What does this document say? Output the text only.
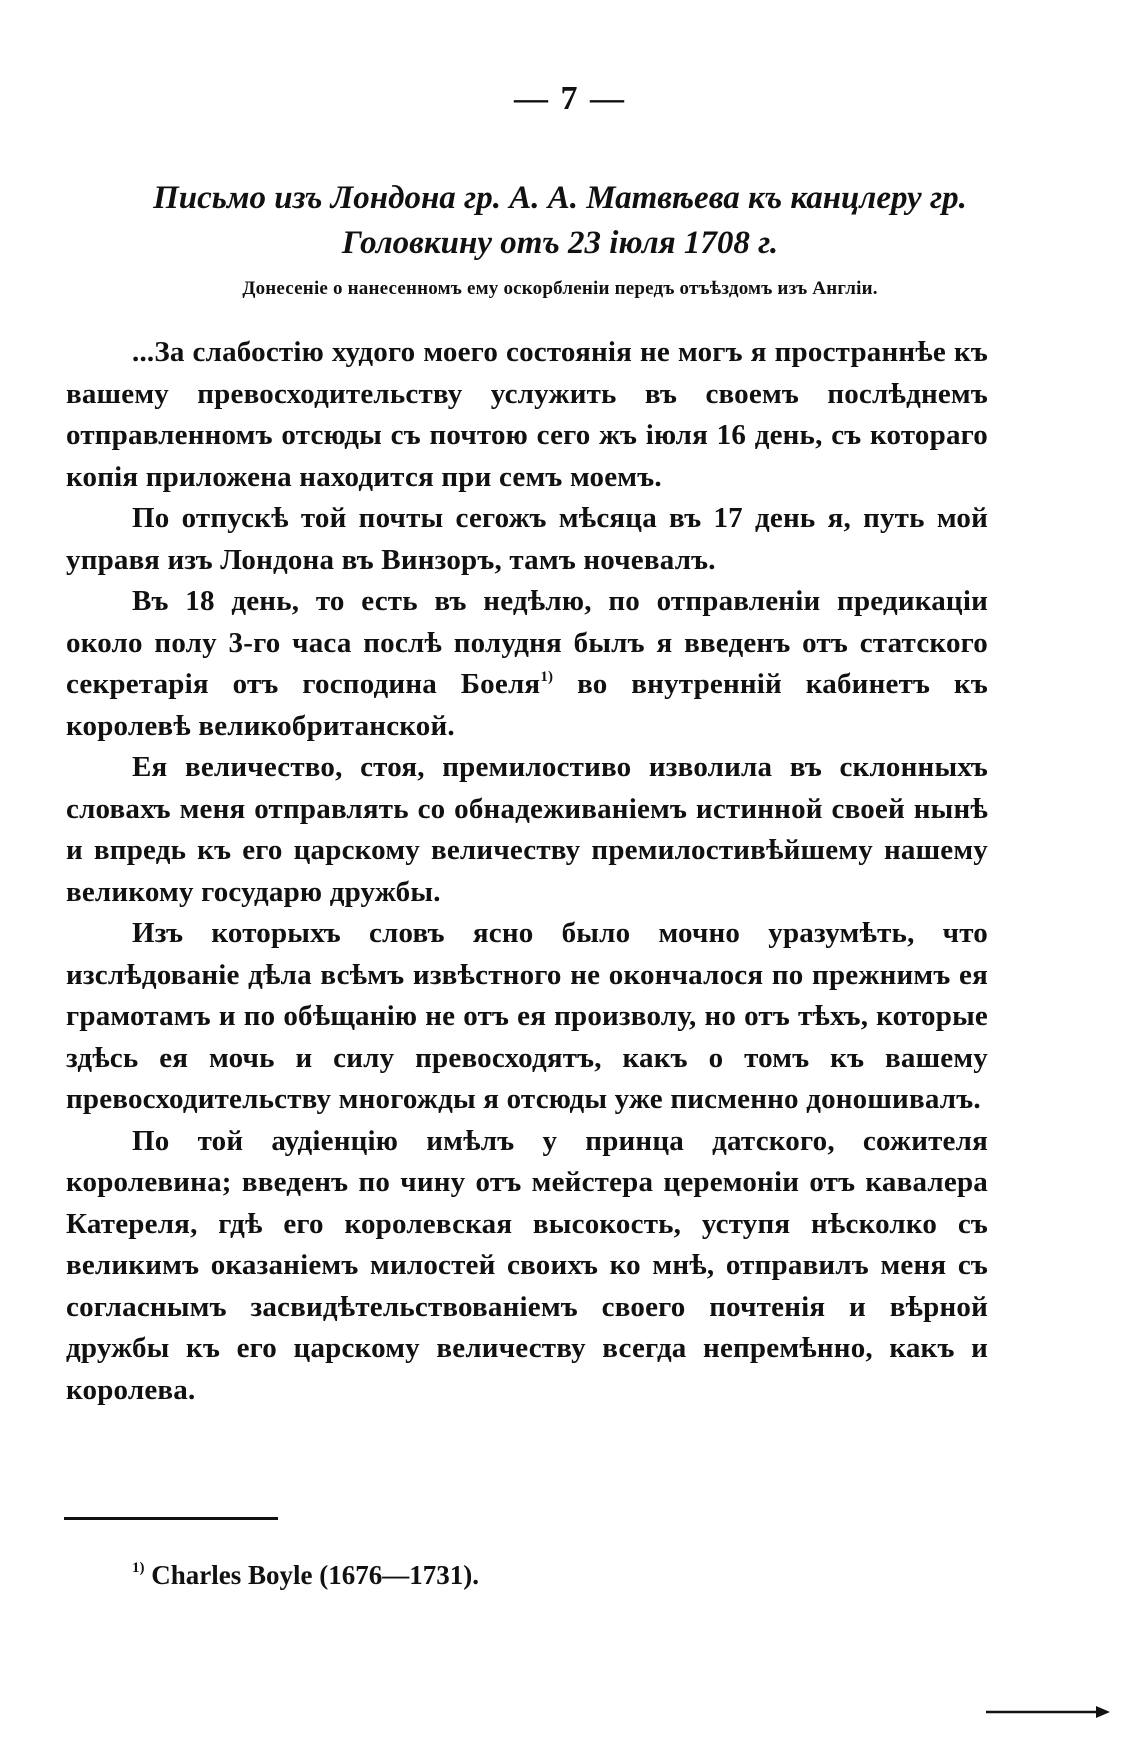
— 7 —
Письмо изъ Лондона гр. А. А. Матвѣева къ канцлеру гр. Головкину отъ 23 іюля 1708 г.
Донесеніе о нанесенномъ ему оскорбленіи передъ отъѣздомъ изъ Англіи.

...За слабостію худого моего состоянія не могъ я пространнѣе къ вашему превосходительству услужить въ своемъ послѣднемъ отправленномъ отсюды съ почтою сего жъ іюля 16 день, съ котораго копія приложена находится при семъ моемъ.

По отпускѣ той почты сегожъ мѣсяца въ 17 день я, путь мой управя изъ Лондона въ Винзоръ, тамъ ночевалъ.

Въ 18 день, то есть въ недѣлю, по отправленіи предикаціи около полу 3-го часа послѣ полудня былъ я введенъ отъ статского секретарія отъ господина Боеля$^{1)}$ во внутренній кабинетъ къ королевѣ великобританской.

Ея величество, стоя, премилостиво изволила въ склонныхъ словахъ меня отправлять со обнадеживаніемъ истинной своей нынѣ и впредь къ его царскому величеству премилостивѣйшему нашему великому государю дружбы.

Изъ которыхъ словъ ясно было мочно уразумѣть, что изслѣдованіе дѣла всѣмъ извѣстного не окончалося по прежнимъ ея грамотамъ и по обѣщанію не отъ ея произволу, но отъ тѣхъ, которые здѣсь ея мочь и силу превосходятъ, какъ о томъ къ вашему превосходительству многожды я отсюды уже писменно доношивалъ.

По той аудіенцію имѣлъ у принца датского, сожителя королевина; введенъ по чину отъ мейстера церемоніи отъ кавалера Катереля, гдѣ его королевская высокость, уступя нѣсколко съ великимъ оказаніемъ милостей своихъ ко мнѣ, отправилъ меня съ согласнымъ засвидѣтельствованіемъ своего почтенія и вѣрной дружбы къ его царскому величеству всегда непремѣнно, какъ и королева.

$^{1)}$ Charles Boyle (1676—1731).
